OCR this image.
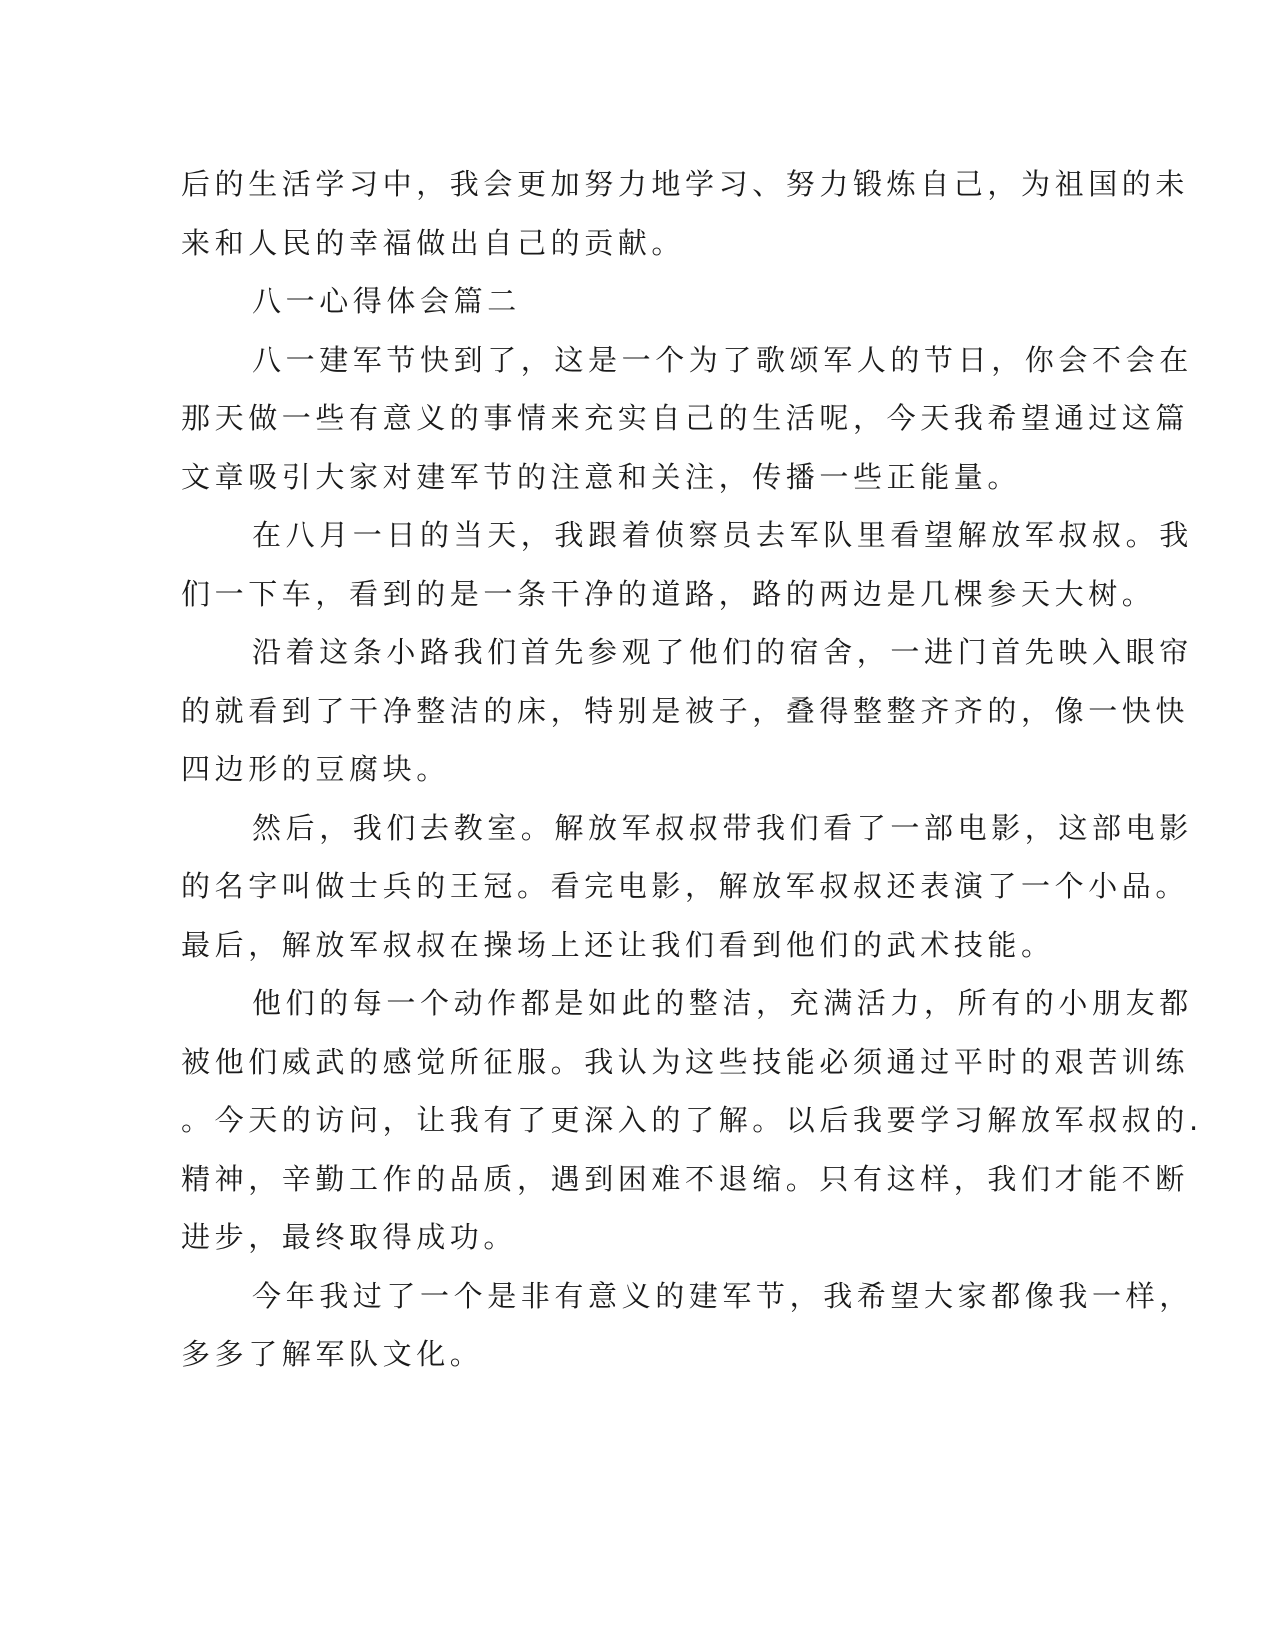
后的生活学习中，我会更加努力地学习、努力锻炼自己，为祖国的未
来和人民的幸福做出自己的贡献。
八一心得体会篇二
八一建军节快到了，这是一个为了歌颂军人的节日，你会不会在
那天做一些有意义的事情来充实自己的生活呢，今天我希望通过这篇
文章吸引大家对建军节的注意和关注，传播一些正能量。
在八月一日的当天，我跟着侦察员去军队里看望解放军叔叔。我
们一下车，看到的是一条干净的道路，路的两边是几棵参天大树。
沿着这条小路我们首先参观了他们的宿舍，一进门首先映入眼帘
的就看到了干净整洁的床，特别是被子，叠得整整齐齐的，像一快快
四边形的豆腐块。
然后，我们去教室。解放军叔叔带我们看了一部电影，这部电影
的名字叫做士兵的王冠。看完电影，解放军叔叔还表演了一个小品。
最后，解放军叔叔在操场上还让我们看到他们的武术技能。
他们的每一个动作都是如此的整洁，充满活力，所有的小朋友都
被他们威武的感觉所征服。我认为这些技能必须通过平时的艰苦训练
。今天的访问，让我有了更深入的了解。以后我要学习解放军叔叔的.
精神，辛勤工作的品质，遇到困难不退缩。只有这样，我们才能不断
进步，最终取得成功。
今年我过了一个是非有意义的建军节，我希望大家都像我一样，
多多了解军队文化。
